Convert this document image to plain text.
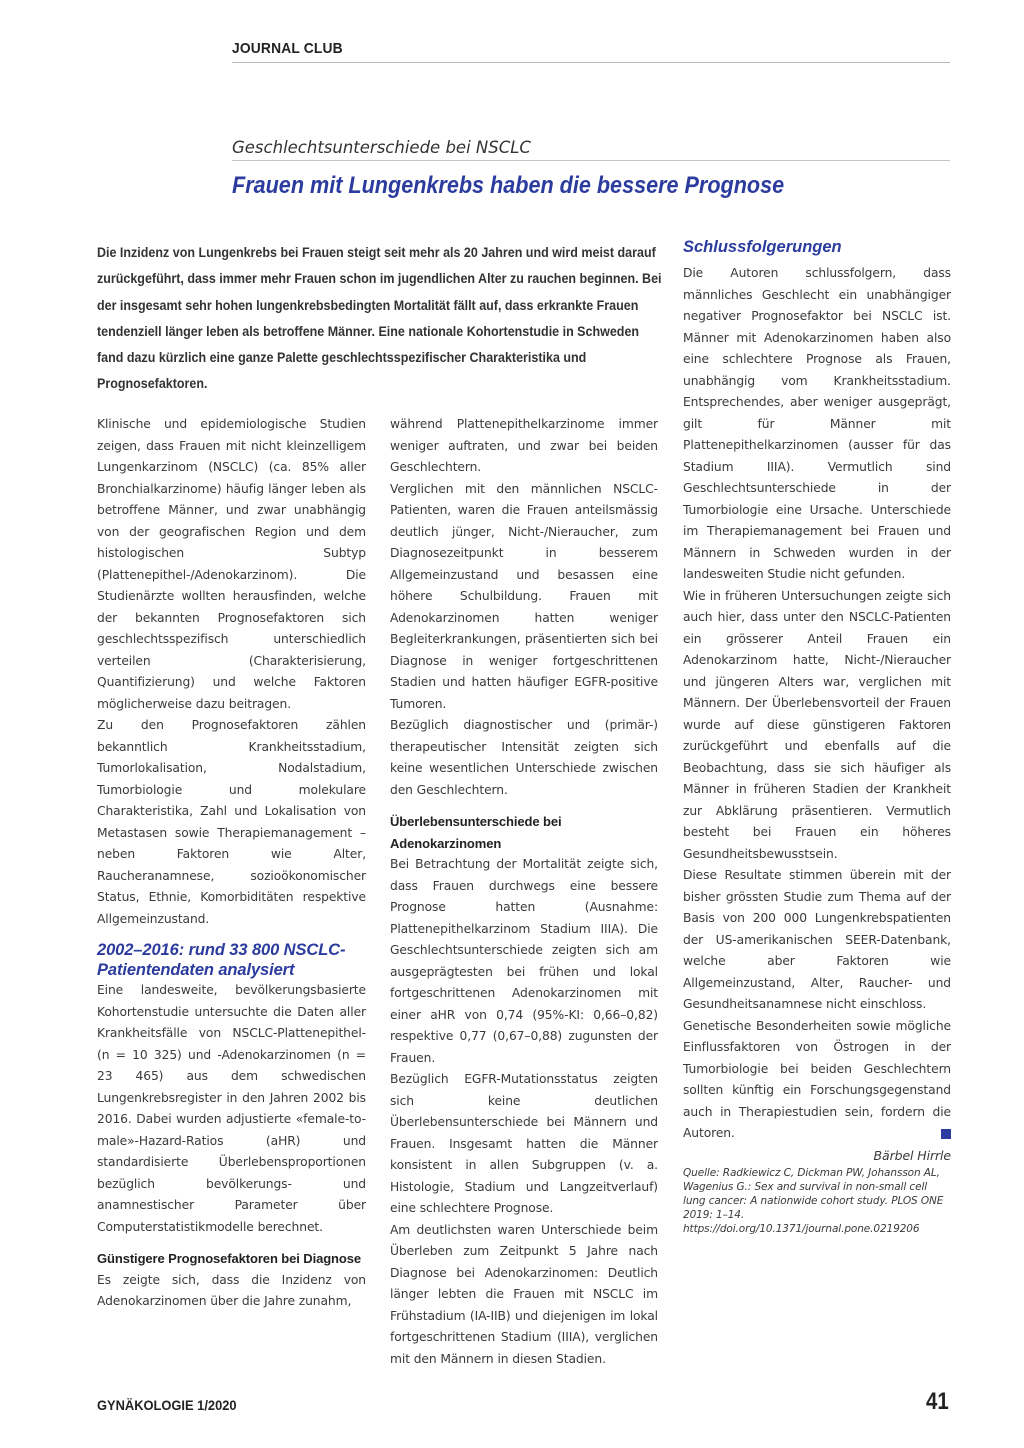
JOURNAL CLUB
Geschlechtsunterschiede bei NSCLC
Frauen mit Lungenkrebs haben die bessere Prognose
Die Inzidenz von Lungenkrebs bei Frauen steigt seit mehr als 20 Jahren und wird meist darauf zurückgeführt, dass immer mehr Frauen schon im jugendlichen Alter zu rauchen beginnen. Bei der insgesamt sehr hohen lungenkrebsbedingten Mortalität fällt auf, dass erkrankte Frauen tendenziell länger leben als betroffene Männer. Eine nationale Kohortenstudie in Schweden fand dazu kürzlich eine ganze Palette geschlechtsspezifischer Charakteristika und Prognosefaktoren.

Klinische und epidemiologische Studien zeigen, dass Frauen mit nicht kleinzelligem Lungenkarzinom (NSCLC) (ca. 85% aller Bronchialkarzinome) häufig länger leben als betroffene Männer, und zwar unabhängig von der geografischen Region und dem histologischen Subtyp (Plattenepithel-/Adenokarzinom). Die Studienärzte wollten herausfinden, welche der bekannten Prognosefaktoren sich geschlechtsspezifisch unterschiedlich verteilen (Charakterisierung, Quantifizierung) und welche Faktoren möglicherweise dazu beitragen.

Zu den Prognosefaktoren zählen bekanntlich Krankheitsstadium, Tumorlokalisation, Nodalstadium, Tumorbiologie und molekulare Charakteristika, Zahl und Lokalisation von Metastasen sowie Therapiemanagement – neben Faktoren wie Alter, Raucheranamnese, sozioökonomischer Status, Ethnie, Komorbiditäten respektive Allgemeinzustand.

2002–2016: rund 33 800 NSCLC-Patientendaten analysiert

Eine landesweite, bevölkerungsbasierte Kohortenstudie untersuchte die Daten aller Krankheitsfälle von NSCLC-Plattenepithel- (n = 10 325) und -Adenokarzinomen (n = 23 465) aus dem schwedischen Lungenkrebsregister in den Jahren 2002 bis 2016. Dabei wurden adjustierte «female-to-male»-Hazard-Ratios (aHR) und standardisierte Überlebensproportionen bezüglich bevölkerungs- und anamnestischer Parameter über Computerstatistikmodelle berechnet.

Günstigere Prognosefaktoren bei Diagnose

Es zeigte sich, dass die Inzidenz von Adenokarzinomen über die Jahre zunahm,

während Plattenepithelkarzinome immer weniger auftraten, und zwar bei beiden Geschlechtern.

Verglichen mit den männlichen NSCLC-Patienten, waren die Frauen anteilsmässig deutlich jünger, Nicht-/Nieraucher, zum Diagnosezeitpunkt in besserem Allgemeinzustand und besassen eine höhere Schulbildung. Frauen mit Adenokarzinomen hatten weniger Begleiterkrankungen, präsentierten sich bei Diagnose in weniger fortgeschrittenen Stadien und hatten häufiger EGFR-positive Tumoren.

Bezüglich diagnostischer und (primär-) therapeutischer Intensität zeigten sich keine wesentlichen Unterschiede zwischen den Geschlechtern.

Überlebensunterschiede bei Adenokarzinomen

Bei Betrachtung der Mortalität zeigte sich, dass Frauen durchwegs eine bessere Prognose hatten (Ausnahme: Plattenepithelkarzinom Stadium IIIA). Die Geschlechtsunterschiede zeigten sich am ausgeprägtesten bei frühen und lokal fortgeschrittenen Adenokarzinomen mit einer aHR von 0,74 (95%-KI: 0,66–0,82) respektive 0,77 (0,67–0,88) zugunsten der Frauen.

Bezüglich EGFR-Mutationsstatus zeigten sich keine deutlichen Überlebensunterschiede bei Männern und Frauen. Insgesamt hatten die Männer konsistent in allen Subgruppen (v. a. Histologie, Stadium und Langzeitverlauf) eine schlechtere Prognose.

Am deutlichsten waren Unterschiede beim Überleben zum Zeitpunkt 5 Jahre nach Diagnose bei Adenokarzinomen: Deutlich länger lebten die Frauen mit NSCLC im Frühstadium (IA-IIB) und diejenigen im lokal fortgeschrittenen Stadium (IIIA), verglichen mit den Männern in diesen Stadien.

Schlussfolgerungen

Die Autoren schlussfolgern, dass männliches Geschlecht ein unabhängiger negativer Prognosefaktor bei NSCLC ist. Männer mit Adenokarzinomen haben also eine schlechtere Prognose als Frauen, unabhängig vom Krankheitsstadium. Entsprechendes, aber weniger ausgeprägt, gilt für Männer mit Plattenepithelkarzinomen (ausser für das Stadium IIIA). Vermutlich sind Geschlechtsunterschiede in der Tumorbiologie eine Ursache. Unterschiede im Therapiemanagement bei Frauen und Männern in Schweden wurden in der landesweiten Studie nicht gefunden.

Wie in früheren Untersuchungen zeigte sich auch hier, dass unter den NSCLC-Patienten ein grösserer Anteil Frauen ein Adenokarzinom hatte, Nicht-/Nieraucher und jüngeren Alters war, verglichen mit Männern. Der Überlebensvorteil der Frauen wurde auf diese günstigeren Faktoren zurückgeführt und ebenfalls auf die Beobachtung, dass sie sich häufiger als Männer in früheren Stadien der Krankheit zur Abklärung präsentieren. Vermutlich besteht bei Frauen ein höheres Gesundheitsbewusstsein.

Diese Resultate stimmen überein mit der bisher grössten Studie zum Thema auf der Basis von 200 000 Lungenkrebspatienten der US-amerikanischen SEER-Datenbank, welche aber Faktoren wie Allgemeinzustand, Alter, Raucher- und Gesundheitsanamnese nicht einschloss.

Genetische Besonderheiten sowie mögliche Einflussfaktoren von Östrogen in der Tumorbiologie bei beiden Geschlechtern sollten künftig ein Forschungsgegenstand auch in Therapiestudien sein, fordern die Autoren.

Bärbel Hirrle

Quelle: Radkiewicz C, Dickman PW, Johansson AL, Wagenius G.: Sex and survival in non-small cell lung cancer: A nationwide cohort study. PLOS ONE 2019: 1–14. https://doi.org/10.1371/journal.pone.0219206

GYNÄKOLOGIE 1/2020	41
